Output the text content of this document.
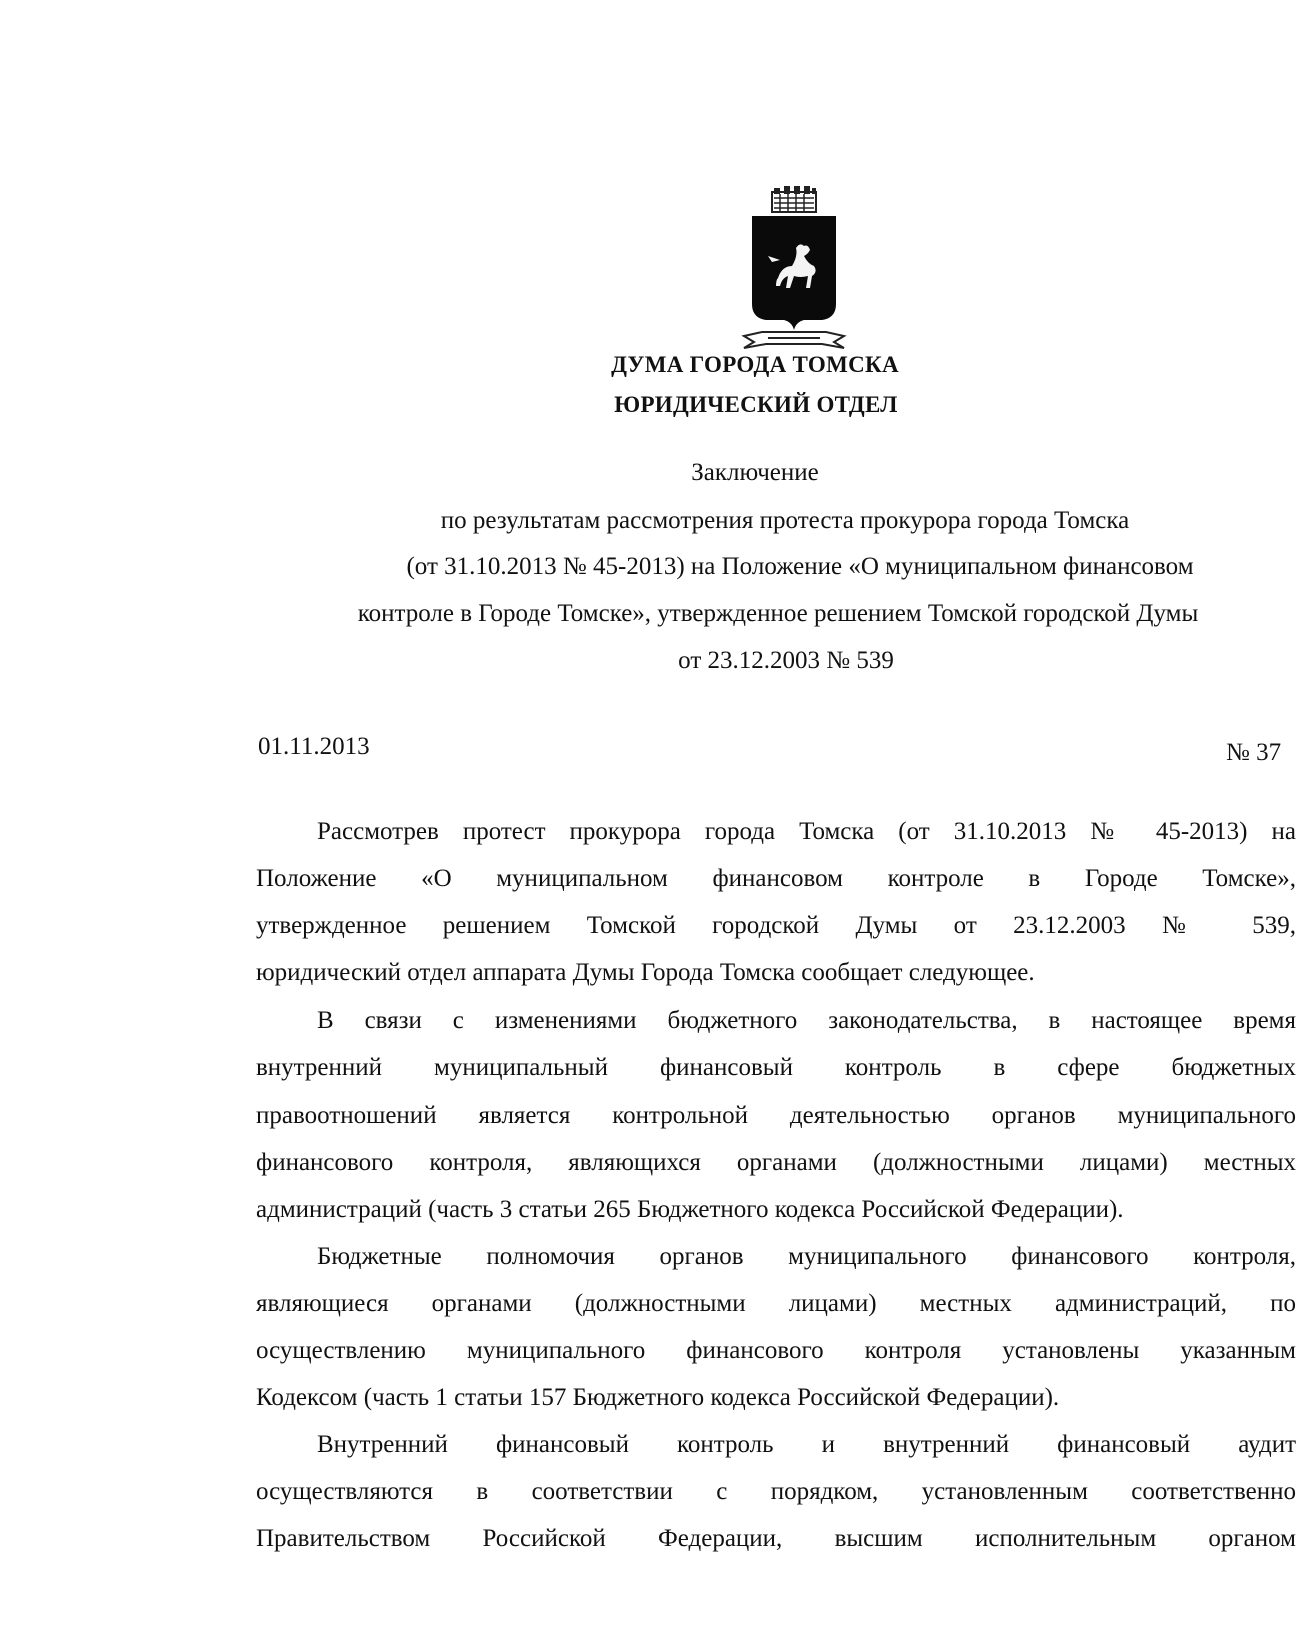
ДУМА ГОРОДА ТОМСКА
ЮРИДИЧЕСКИЙ ОТДЕЛ
Заключение
по результатам рассмотрения протеста прокурора города Томска
(от 31.10.2013 № 45-2013) на Положение «О муниципальном финансовом
контроле в Городе Томске», утвержденное решением Томской городской Думы
от 23.12.2003 № 539
01.11.2013	№ 37
Рассмотрев протест прокурора города Томска (от 31.10.2013 № 45-2013) на
Положение «О муниципальном финансовом контроле в Городе Томске»,
утвержденное решением Томской городской Думы от 23.12.2003 № 539,
юридический отдел аппарата Думы Города Томска сообщает следующее.
В связи с изменениями бюджетного законодательства, в настоящее время
внутренний муниципальный финансовый контроль в сфере бюджетных
правоотношений является контрольной деятельностью органов муниципального
финансового контроля, являющихся органами (должностными лицами) местных
администраций (часть 3 статьи 265 Бюджетного кодекса Российской Федерации).
Бюджетные полномочия органов муниципального финансового контроля,
являющиеся органами (должностными лицами) местных администраций, по
осуществлению муниципального финансового контроля установлены указанным
Кодексом (часть 1 статьи 157 Бюджетного кодекса Российской Федерации).
Внутренний финансовый контроль и внутренний финансовый аудит
осуществляются в соответствии с порядком, установленным соответственно
Правительством Российской Федерации, высшим исполнительным органом
